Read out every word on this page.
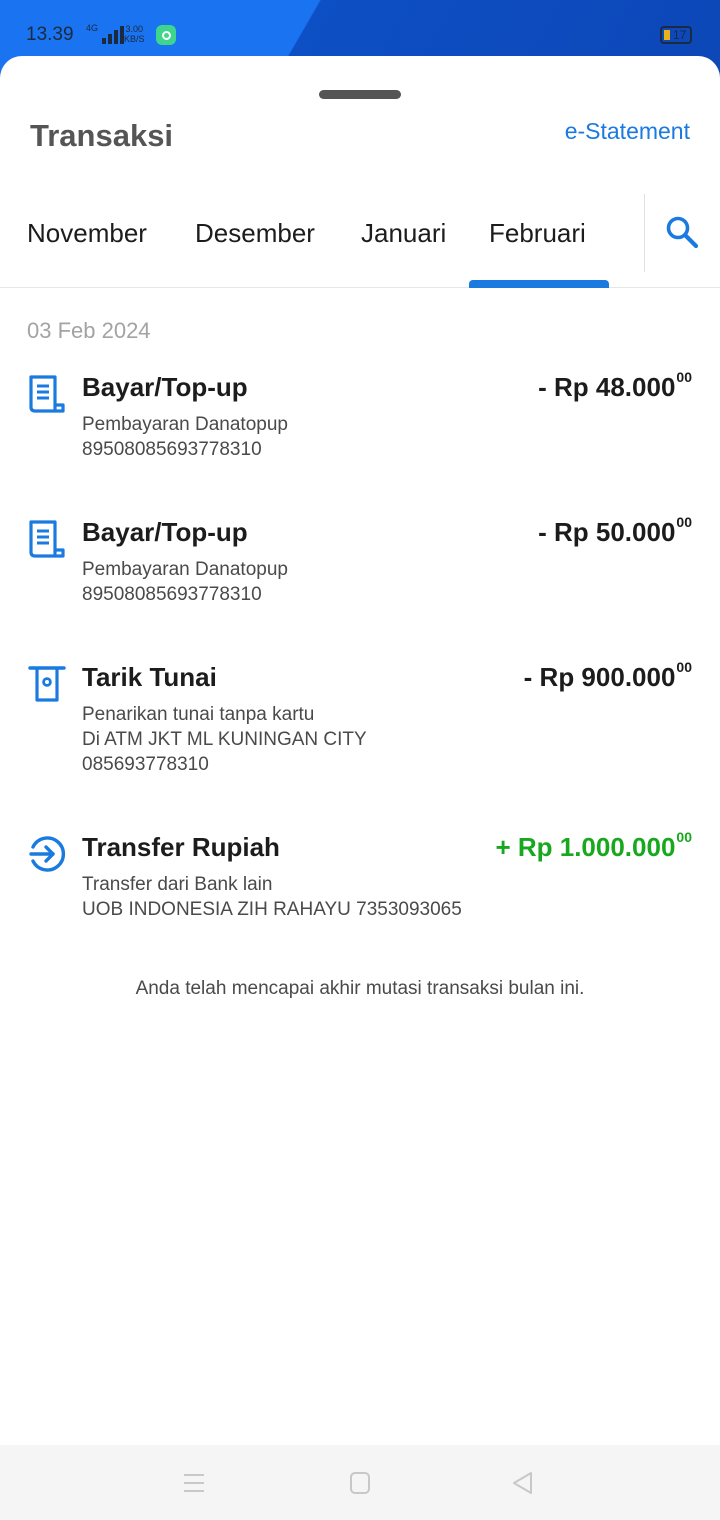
13.39 4G	3.00
KB/S	17
Transaksi	e-Statement
November Desember Januari Februari
03 Feb 2024
Bayar/Top-up	- Rp 48.000$^{00}$
Pembayaran Danatopup
89508085693778310
Bayar/Top-up	- Rp 50.000$^{00}$
Pembayaran Danatopup
89508085693778310
Tarik Tunai	- Rp 900.000$^{00}$
Penarikan tunai tanpa kartu
Di ATM JKT ML KUNINGAN CITY
085693778310
Transfer Rupiah	+ Rp 1.000.000$^{00}$
Transfer dari Bank lain
UOB INDONESIA ZIH RAHAYU 7353093065
Anda telah mencapai akhir mutasi transaksi bulan ini.
